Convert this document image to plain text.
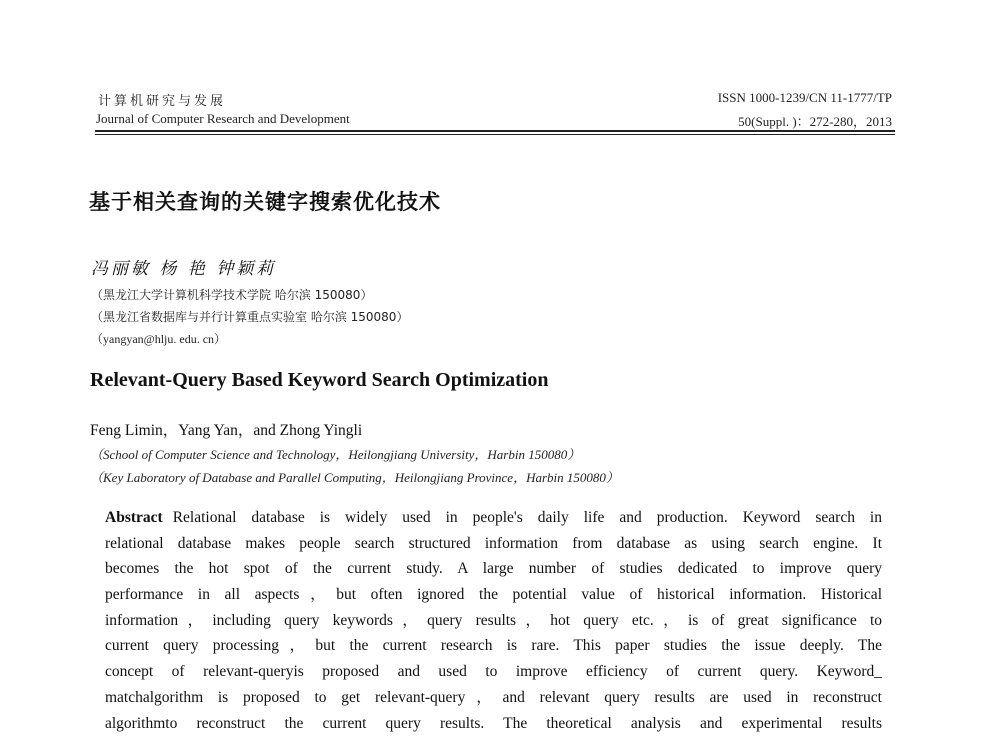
计算机研究与发展
Journal of Computer Research and Development
ISSN 1000-1239/CN 11-1777/TP
50(Suppl. )：272-280，2013
基于相关查询的关键字搜索优化技术
冯丽敏 杨 艳 钟颖莉
（黑龙江大学计算机科学技术学院 哈尔滨 150080）
（黑龙江省数据库与并行计算重点实验室 哈尔滨 150080）
（yangyan@hlju. edu. cn）
Relevant-Query Based Keyword Search Optimization
Feng Limin，Yang Yan，and Zhong Yingli
（School of Computer Science and Technology，Heilongjiang University，Harbin 150080）
（Key Laboratory of Database and Parallel Computing，Heilongjiang Province，Harbin 150080）
Abstract Relational database is widely used in people's daily life and production. Keyword search in
relational database makes people search structured information from database as using search engine. It
becomes the hot spot of the current study. A large number of studies dedicated to improve query
performance in all aspects，but often ignored the potential value of historical information. Historical
information，including query keywords，query results，hot query etc.，is of great significance to
current query processing，but the current research is rare. This paper studies the issue deeply. The
concept of relevant-queryis proposed and used to improve efficiency of current query. Keyword_
matchalgorithm is proposed to get relevant-query，and relevant query results are used in reconstruct
algorithmto reconstruct the current query results. The theoretical analysis and experimental results
